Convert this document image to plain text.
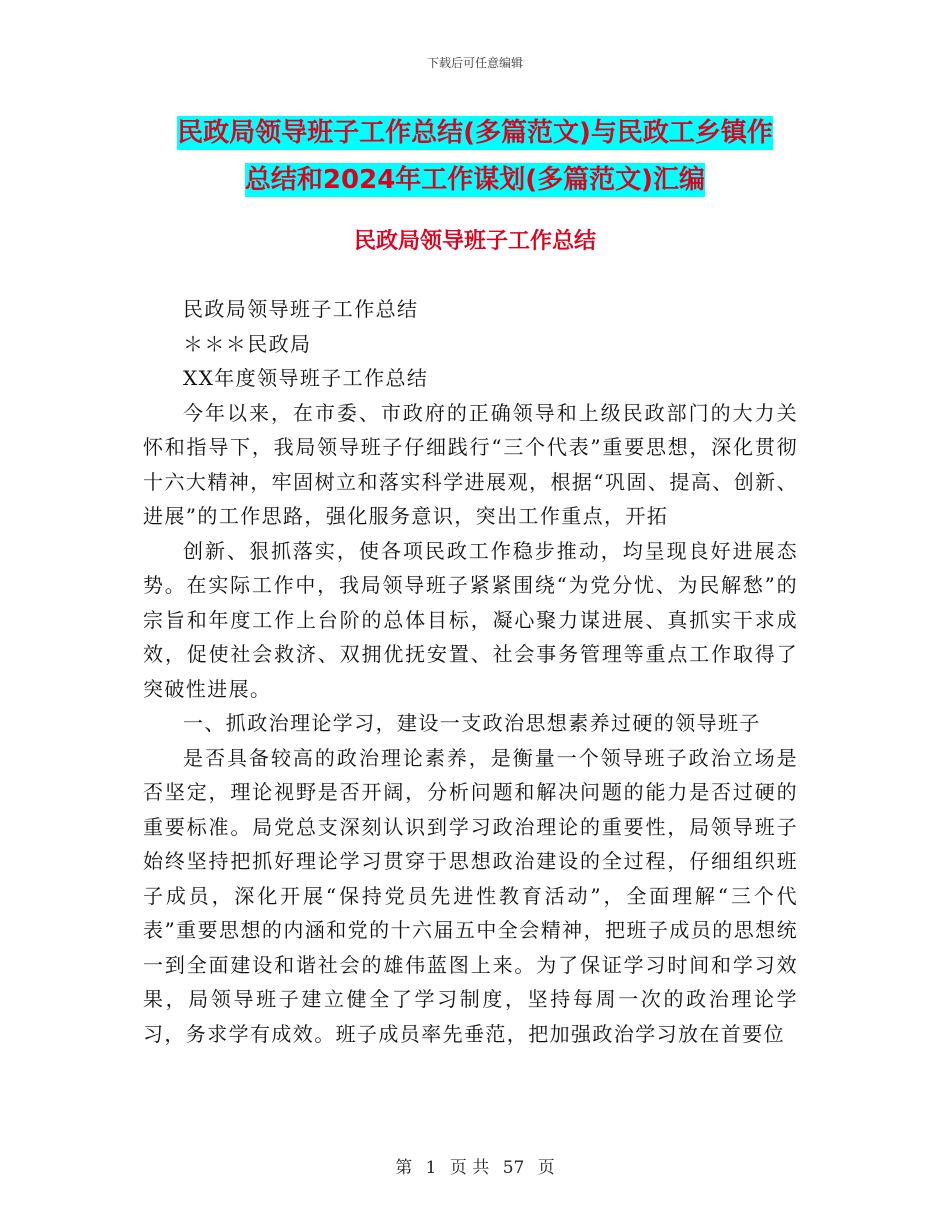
下载后可任意编辑
民政局领导班子工作总结(多篇范文)与民政工乡镇作
总结和2024年工作谋划(多篇范文)汇编
民政局领导班子工作总结

民政局领导班子工作总结

＊＊＊民政局

XX年度领导班子工作总结

今年以来，在市委、市政府的正确领导和上级民政部门的大力关怀和指导下，我局领导班子仔细践行“三个代表”重要思想，深化贯彻十六大精神，牢固树立和落实科学进展观，根据“巩固、提高、创新、进展”的工作思路，强化服务意识，突出工作重点，开拓

创新、狠抓落实，使各项民政工作稳步推动，均呈现良好进展态势。在实际工作中，我局领导班子紧紧围绕“为党分忧、为民解愁”的宗旨和年度工作上台阶的总体目标，凝心聚力谋进展、真抓实干求成效，促使社会救济、双拥优抚安置、社会事务管理等重点工作取得了突破性进展。

一、抓政治理论学习，建设一支政治思想素养过硬的领导班子

是否具备较高的政治理论素养，是衡量一个领导班子政治立场是否坚定，理论视野是否开阔，分析问题和解决问题的能力是否过硬的重要标准。局党总支深刻认识到学习政治理论的重要性，局领导班子始终坚持把抓好理论学习贯穿于思想政治建设的全过程，仔细组织班子成员，深化开展“保持党员先进性教育活动”，全面理解“三个代表”重要思想的内涵和党的十六届五中全会精神，把班子成员的思想统一到全面建设和谐社会的雄伟蓝图上来。为了保证学习时间和学习效果，局领导班子建立健全了学习制度，坚持每周一次的政治理论学习，务求学有成效。班子成员率先垂范，把加强政治学习放在首要位

第 1 页 共 57 页
